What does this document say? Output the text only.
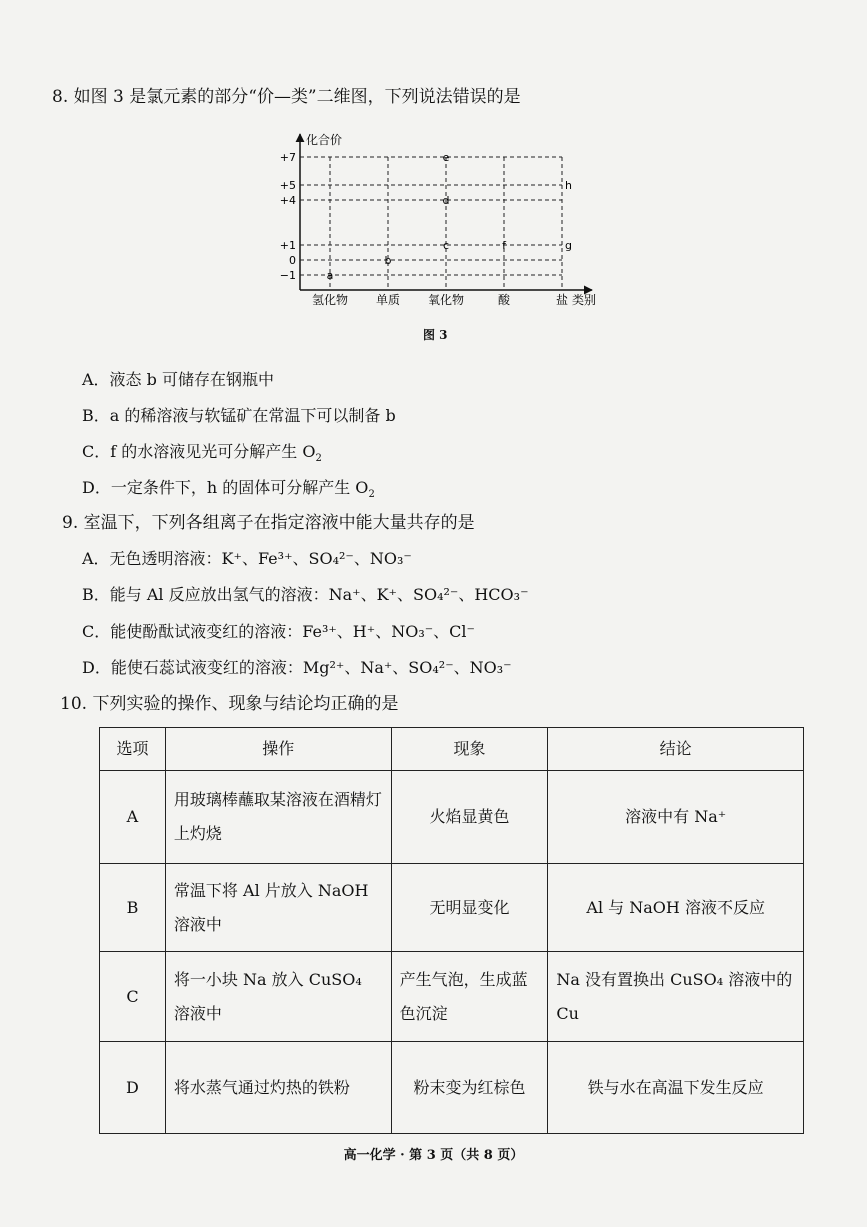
8. 如图 3 是氯元素的部分“价—类”二维图，下列说法错误的是
化合价
类别
+7
+5
+4
+1
0
−1
氢化物 单质 氧化物	酸	盐
a
b
c
d
e
f	g
h
图 3
A．液态 b 可储存在钢瓶中
B．a 的稀溶液与软锰矿在常温下可以制备 b
C．f 的水溶液见光可分解产生 $O_2$
D．一定条件下，h 的固体可分解产生 $O_2$
9. 室温下，下列各组离子在指定溶液中能大量共存的是
A．无色透明溶液：K⁺、Fe³⁺、SO₄²⁻、NO₃⁻
B．能与 Al 反应放出氢气的溶液：Na⁺、K⁺、SO₄²⁻、HCO₃⁻
C．能使酚酞试液变红的溶液：Fe³⁺、H⁺、NO₃⁻、Cl⁻
D．能使石蕊试液变红的溶液：Mg²⁺、Na⁺、SO₄²⁻、NO₃⁻
10. 下列实验的操作、现象与结论均正确的是
选项	操作	现象	结论
A	用玻璃棒蘸取某溶液在酒精灯上灼烧	火焰显黄色	溶液中有 Na⁺
B	常温下将 Al 片放入 NaOH 溶液中	无明显变化	Al 与 NaOH 溶液不反应
C	将一小块 Na 放入 CuSO₄ 溶液中	产生气泡，生成蓝色沉淀	Na 没有置换出 CuSO₄ 溶液中的 Cu
D	将水蒸气通过灼热的铁粉	粉末变为红棕色	铁与水在高温下发生反应
高一化学 · 第 3 页（共 8 页）
